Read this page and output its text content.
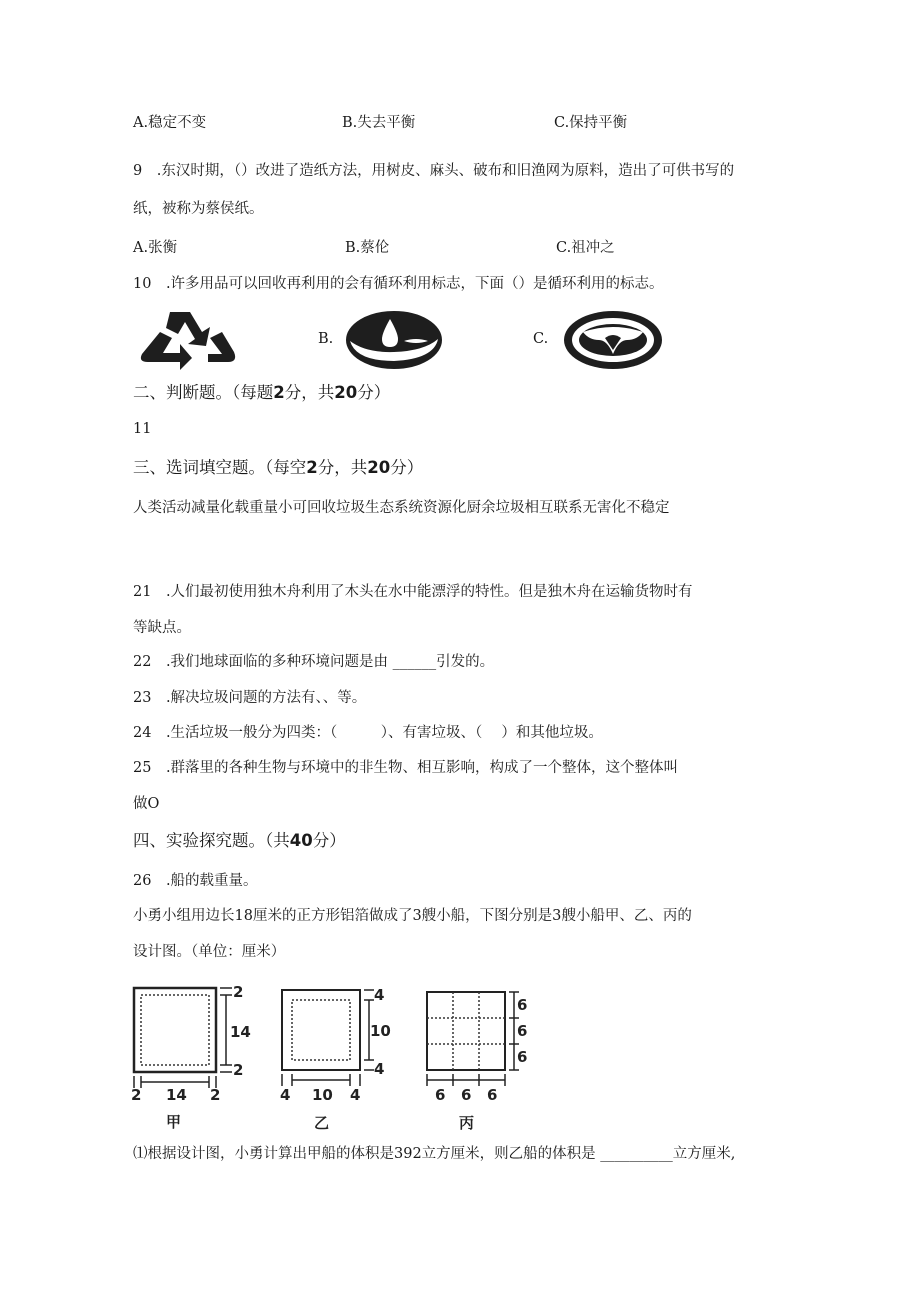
A.稳定不变	B.失去平衡	C.保持平衡
9　.东汉时期，（）改进了造纸方法，用树皮、麻头、破布和旧渔网为原料，造出了可供书写的
纸，被称为蔡侯纸。
A.张衡	B.蔡伦	C.祖冲之
10　.许多用品可以回收再利用的会有循环利用标志，下面（）是循环利用的标志。
B.	C.
二、判断题。（每题2分，共20分）
11
三、选词填空题。（每空2分，共20分）
人类活动减量化载重量小可回收垃圾生态系统资源化厨余垃圾相互联系无害化不稳定
21　.人们最初使用独木舟利用了木头在水中能漂浮的特性。但是独木舟在运输货物时有
等缺点。
22　.我们地球面临的多种环境问题是由 ______引发的。
23　.解决垃圾问题的方法有、、等。
24　.生活垃圾一般分为四类：（　　　）、有害垃圾、（　 ）和其他垃圾。
25　.群落里的各种生物与环境中的非生物、相互影响，构成了一个整体，这个整体叫
做O
四、实验探究题。（共40分）
26　.船的载重量。
小勇小组用边长18厘米的正方形铝箔做成了3艘小船，下图分别是3艘小船甲、乙、丙的
设计图。（单位：厘米）
2
14
2
2 14 2
甲
4
10
4
4 10 4
乙
6
6
6
6 6 6
丙
⑴根据设计图，小勇计算出甲船的体积是392立方厘米，则乙船的体积是 __________立方厘米,
